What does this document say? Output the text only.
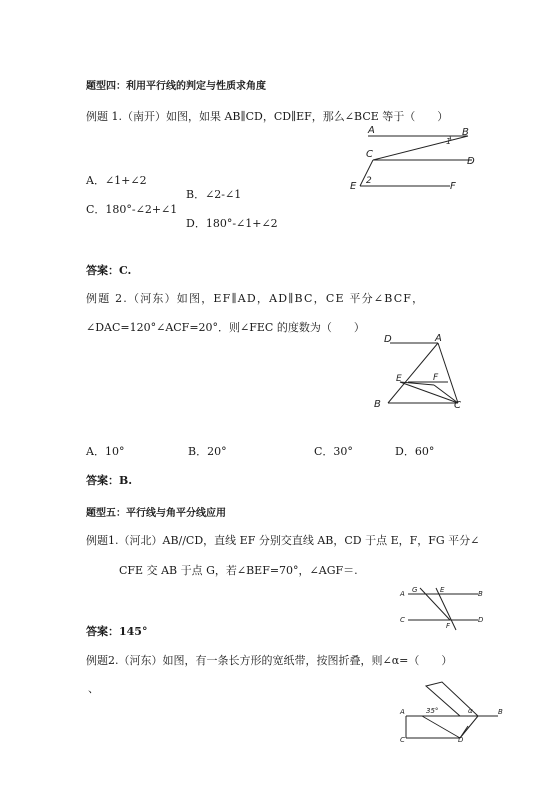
题型四：利用平行线的判定与性质求角度
例题 1.（南开）如图，如果 AB∥CD，CD∥EF，那么∠BCE 等于（　　）
A	B
1
C
D
E 2	F
A．∠1+∠2
B．∠2-∠1
C．180°-∠2+∠1
D．180°-∠1+∠2
答案：C.
例题 2.（河东）如图，EF∥AD，AD∥BC，CE 平分∠BCF，
∠DAC=120°∠ACF=20°．则∠FEC 的度数为（　　）
D	A
E	F
B	C
A．10°	B．20°	C．30°	D．60°
答案：B.
题型五：平行线与角平分线应用
例题1.（河北）AB//CD，直线 EF 分别交直线 AB，CD 于点 E，F，FG 平分∠
CFE 交 AB 于点 G，若∠BEF=70°，∠AGF＝.
A G	E	B
C
F
D
答案：145°
例题2.（河东）如图，有一条长方形的宽纸带，按图折叠，则∠α=（　　）
、
A	35°	α	B
C	D
